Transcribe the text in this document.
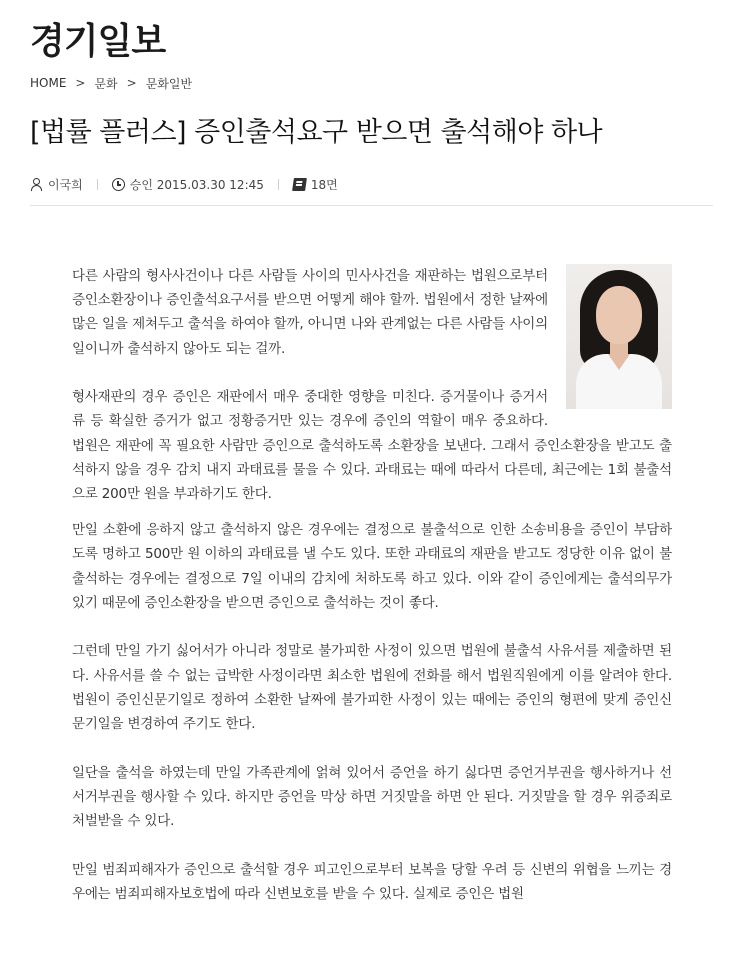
경기일보
HOME > 문화 > 문화일반
[법률 플러스] 증인출석요구 받으면 출석해야 하나
이국희	승인 2015.03.30 12:45	18면

다른 사람의 형사사건이나 다른 사람들 사이의 민사사건을 재판하는 법원으로부터 증인소환장이나 증인출석요구서를 받으면 어떻게 해야 할까. 법원에서 정한 날짜에 많은 일을 제쳐두고 출석을 하여야 할까, 아니면 나와 관계없는 다른 사람들 사이의 일이니까 출석하지 않아도 되는 걸까.

형사재판의 경우 증인은 재판에서 매우 중대한 영향을 미친다. 증거물이나 증거서류 등 확실한 증거가 없고 정황증거만 있는 경우에 증인의 역할이 매우 중요하다. 법원은 재판에 꼭 필요한 사람만 증인으로 출석하도록 소환장을 보낸다. 그래서 증인소환장을 받고도 출석하지 않을 경우 감치 내지 과태료를 물을 수 있다. 과태료는 때에 따라서 다른데, 최근에는 1회 불출석으로 200만 원을 부과하기도 한다.

만일 소환에 응하지 않고 출석하지 않은 경우에는 결정으로 불출석으로 인한 소송비용을 증인이 부담하도록 명하고 500만 원 이하의 과태료를 낼 수도 있다. 또한 과태료의 재판을 받고도 정당한 이유 없이 불출석하는 경우에는 결정으로 7일 이내의 감치에 처하도록 하고 있다. 이와 같이 증인에게는 출석의무가 있기 때문에 증인소환장을 받으면 증인으로 출석하는 것이 좋다.

그런데 만일 가기 싫어서가 아니라 정말로 불가피한 사정이 있으면 법원에 불출석 사유서를 제출하면 된다. 사유서를 쓸 수 없는 급박한 사정이라면 최소한 법원에 전화를 해서 법원직원에게 이를 알려야 한다. 법원이 증인신문기일로 정하여 소환한 날짜에 불가피한 사정이 있는 때에는 증인의 형편에 맞게 증인신문기일을 변경하여 주기도 한다.

일단을 출석을 하였는데 만일 가족관계에 얽혀 있어서 증언을 하기 싫다면 증언거부권을 행사하거나 선서거부권을 행사할 수 있다. 하지만 증언을 막상 하면 거짓말을 하면 안 된다. 거짓말을 할 경우 위증죄로 처벌받을 수 있다.

만일 범죄피해자가 증인으로 출석할 경우 피고인으로부터 보복을 당할 우려 등 신변의 위협을 느끼는 경우에는 범죄피해자보호법에 따라 신변보호를 받을 수 있다. 실제로 증인은 법원
